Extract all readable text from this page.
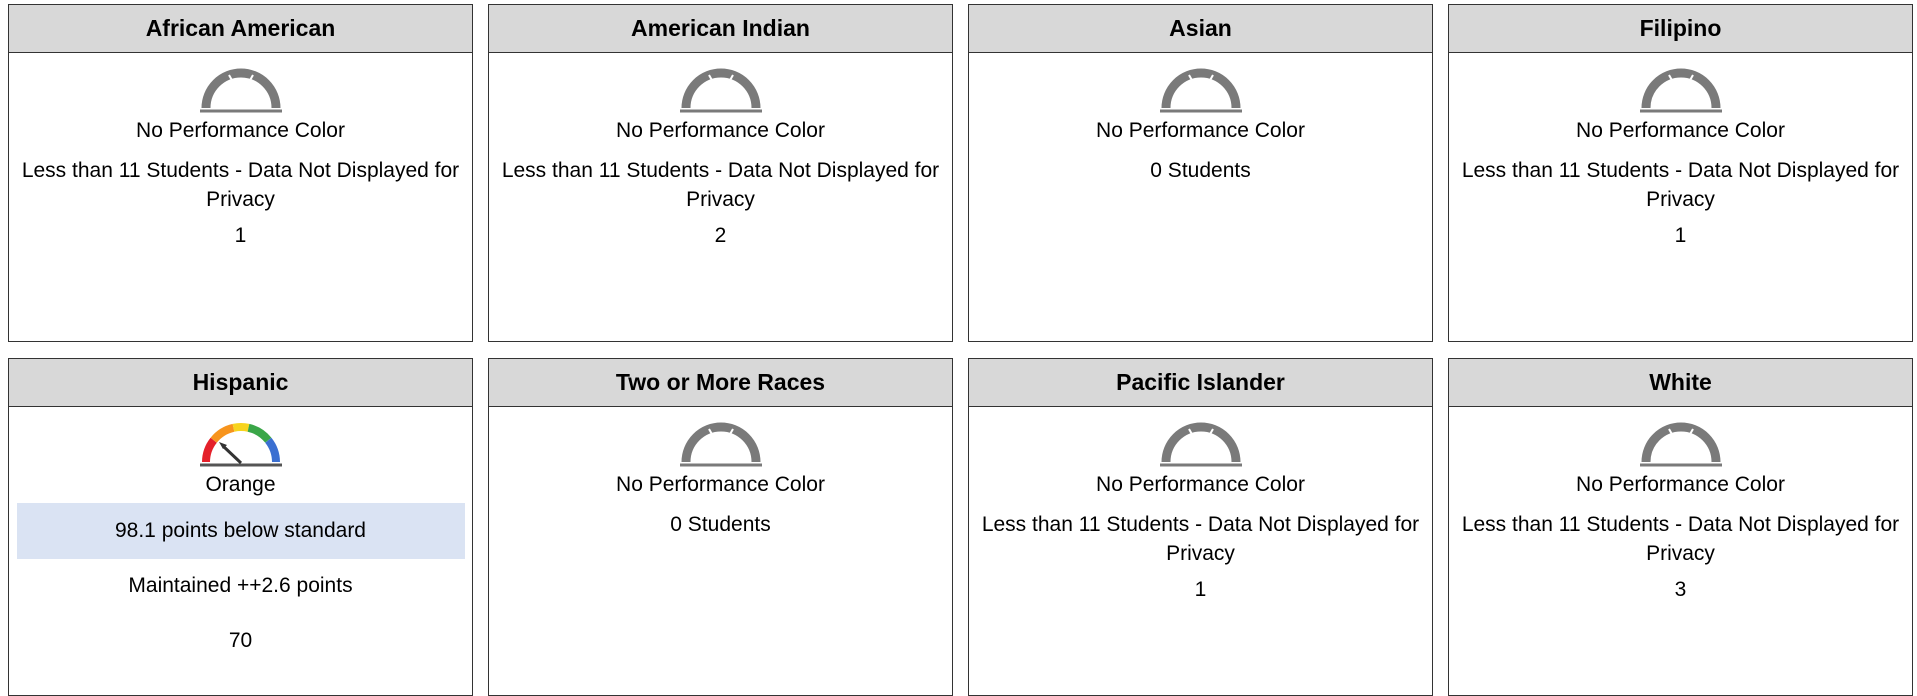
African American
No Performance Color
Less than 11 Students - Data Not Displayed for Privacy
1
American Indian
No Performance Color
Less than 11 Students - Data Not Displayed for Privacy
2
Asian
No Performance Color
0 Students
Filipino
No Performance Color
Less than 11 Students - Data Not Displayed for Privacy
1
Hispanic
Orange
98.1 points below standard
Maintained ++2.6 points
70
Two or More Races
No Performance Color
0 Students
Pacific Islander
No Performance Color
Less than 11 Students - Data Not Displayed for Privacy
1
White
No Performance Color
Less than 11 Students - Data Not Displayed for Privacy
3
